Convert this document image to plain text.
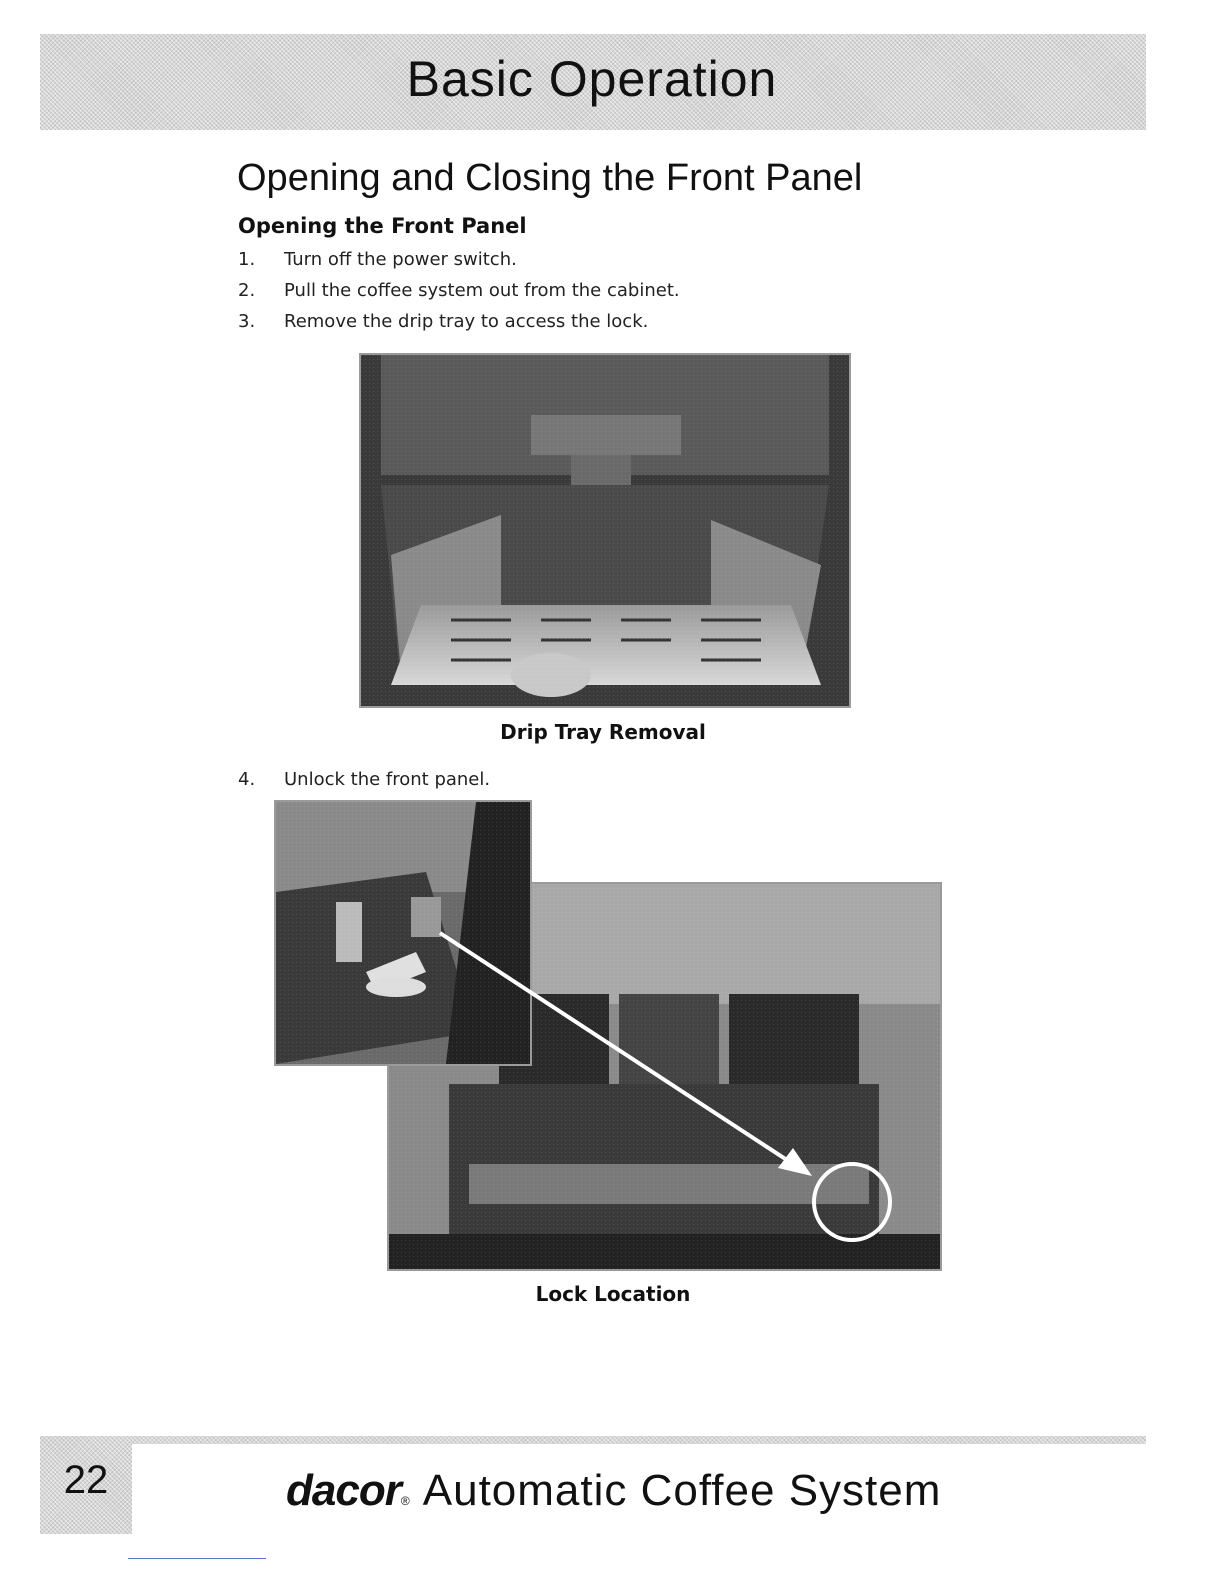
Basic Operation
Opening and Closing the Front Panel
Opening the Front Panel
1. Turn off the power switch.
2. Pull the coffee system out from the cabinet.
3. Remove the drip tray to access the lock.
Drip Tray Removal
4. Unlock the front panel.
Lock Location
22	dacor® Automatic Coffee System
